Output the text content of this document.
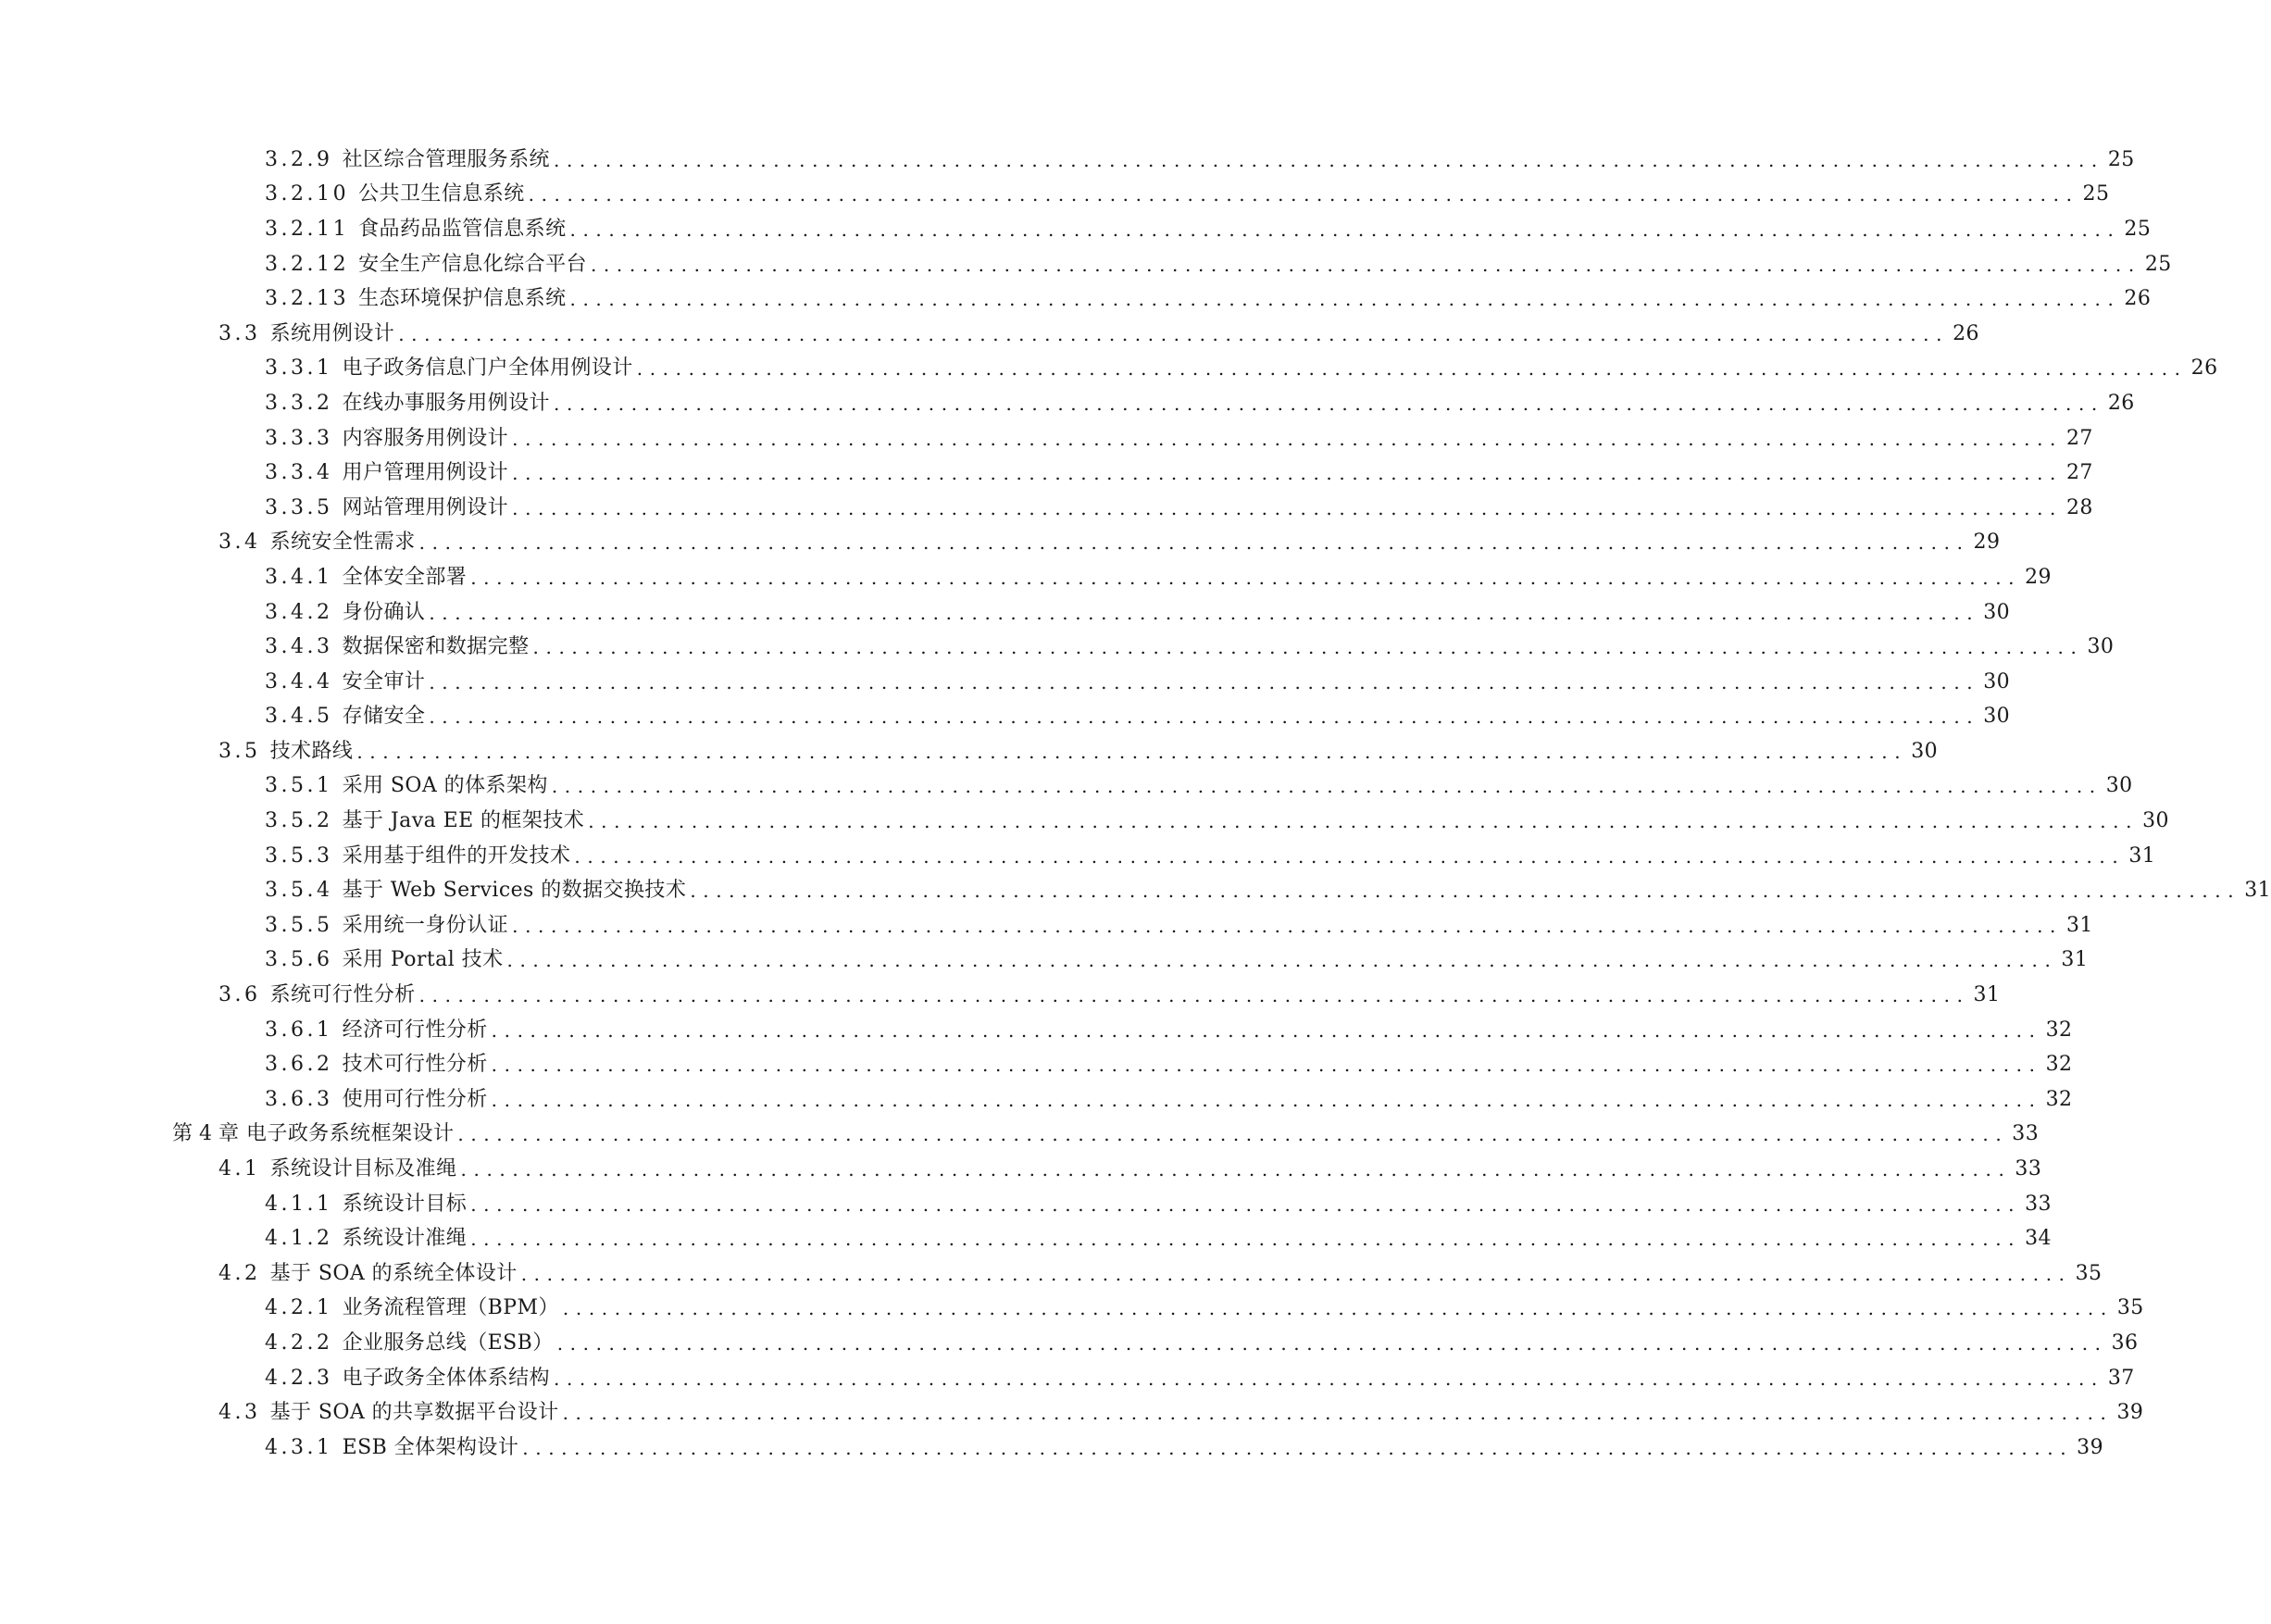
3.2.9 社区综合管理服务系统 ........................................................................................................................ 25
3.2.10 公共卫生信息系统 ........................................................................................................................ 25
3.2.11 食品药品监管信息系统 ........................................................................................................................ 25
3.2.12 安全生产信息化综合平台 ........................................................................................................................ 25
3.2.13 生态环境保护信息系统 ........................................................................................................................ 26
3.3 系统用例设计 ........................................................................................................................ 26
3.3.1 电子政务信息门户全体用例设计 ........................................................................................................................ 26
3.3.2 在线办事服务用例设计 ........................................................................................................................ 26
3.3.3 内容服务用例设计 ........................................................................................................................ 27
3.3.4 用户管理用例设计 ........................................................................................................................ 27
3.3.5 网站管理用例设计 ........................................................................................................................ 28
3.4 系统安全性需求 ........................................................................................................................ 29
3.4.1 全体安全部署 ........................................................................................................................ 29
3.4.2 身份确认 ........................................................................................................................ 30
3.4.3 数据保密和数据完整 ........................................................................................................................ 30
3.4.4 安全审计 ........................................................................................................................ 30
3.4.5 存储安全 ........................................................................................................................ 30
3.5 技术路线 ........................................................................................................................ 30
3.5.1 采用 SOA 的体系架构 ........................................................................................................................ 30
3.5.2 基于 Java EE 的框架技术 ........................................................................................................................ 30
3.5.3 采用基于组件的开发技术 ........................................................................................................................ 31
3.5.4 基于 Web Services 的数据交换技术 ........................................................................................................................ 31
3.5.5 采用统一身份认证 ........................................................................................................................ 31
3.5.6 采用 Portal 技术 ........................................................................................................................ 31
3.6 系统可行性分析 ........................................................................................................................ 31
3.6.1 经济可行性分析 ........................................................................................................................ 32
3.6.2 技术可行性分析 ........................................................................................................................ 32
3.6.3 使用可行性分析 ........................................................................................................................ 32
第 4 章 电子政务系统框架设计 ........................................................................................................................ 33
4.1 系统设计目标及准绳 ........................................................................................................................ 33
4.1.1 系统设计目标 ........................................................................................................................ 33
4.1.2 系统设计准绳 ........................................................................................................................ 34
4.2 基于 SOA 的系统全体设计 ........................................................................................................................ 35
4.2.1 业务流程管理（BPM） ........................................................................................................................ 35
4.2.2 企业服务总线（ESB） ........................................................................................................................ 36
4.2.3 电子政务全体体系结构 ........................................................................................................................ 37
4.3 基于 SOA 的共享数据平台设计 ........................................................................................................................ 39
4.3.1 ESB 全体架构设计 ........................................................................................................................ 39
